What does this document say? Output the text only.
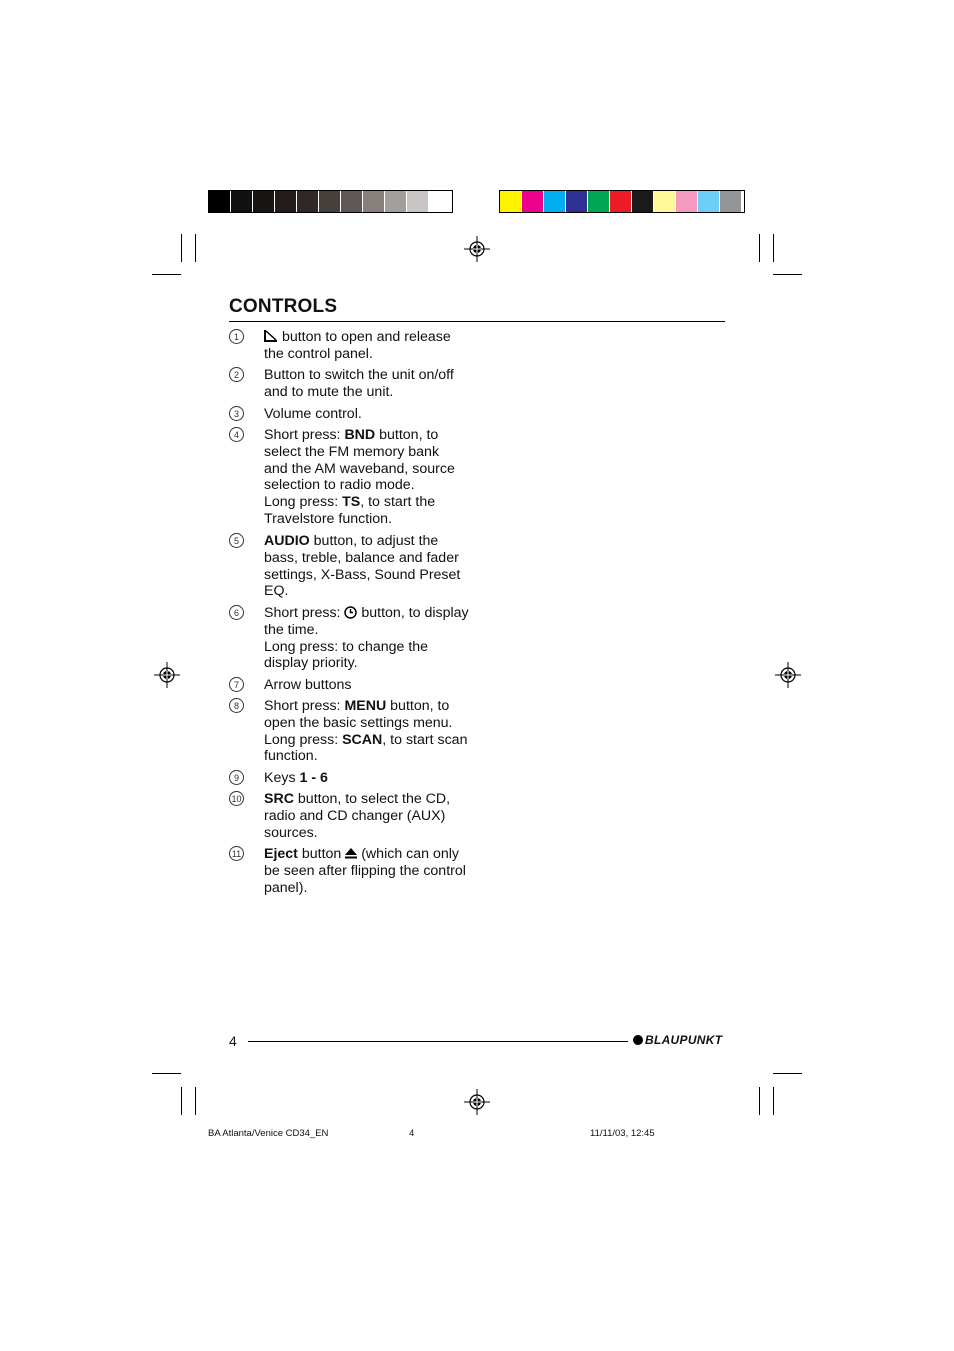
CONTROLS
1	button to open and release
the control panel.
2	Button to switch the unit on/off
and to mute the unit.
3	Volume control.
4	Short press: BND button, to
select the FM memory bank
and the AM waveband, source
selection to radio mode.
Long press: TS, to start the
Travelstore function.
5	AUDIO button, to adjust the
bass, treble, balance and fader
settings, X-Bass, Sound Preset
EQ.
6	Short press:  button, to display
the time.
Long press: to change the
display priority.
7	Arrow buttons
8	Short press: MENU button, to
open the basic settings menu.
Long press: SCAN, to start scan
function.
9	Keys 1 - 6
10 SRC button, to select the CD,
radio and CD changer (AUX)
sources.
11 Eject button  (which can only
be seen after flipping the control
panel).
4	BLAUPUNKT
BA Atlanta/Venice CD34_EN	4	11/11/03, 12:45
